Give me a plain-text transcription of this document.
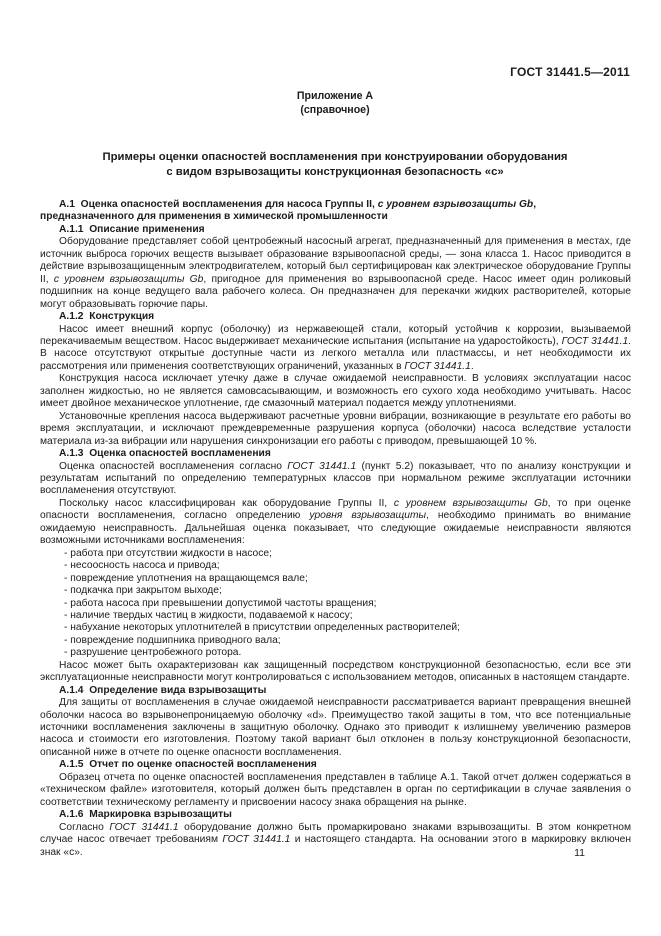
ГОСТ 31441.5—2011
Приложение А
(справочное)
Примеры оценки опасностей воспламенения при конструировании оборудования
с видом взрывозащиты конструкционная безопасность «с»
А.1  Оценка опасностей воспламенения для насоса Группы II, с уровнем взрывозащиты Gb, предназначенного для применения в химической промышленности
А.1.1  Описание применения
Оборудование представляет собой центробежный насосный агрегат, предназначенный для применения в местах, где источник выброса горючих веществ вызывает образование взрывоопасной среды, — зона класса 1. Насос приводится в действие взрывозащищенным электродвигателем, который был сертифицирован как электрическое оборудование Группы II, с уровнем взрывозащиты Gb, пригодное для применения во взрывоопасной среде. Насос имеет один роликовый подшипник на конце ведущего вала рабочего колеса. Он предназначен для перекачки жидких растворителей, которые могут образовывать горючие пары.
А.1.2  Конструкция
Насос имеет внешний корпус (оболочку) из нержавеющей стали, который устойчив к коррозии, вызываемой перекачиваемым веществом. Насос выдерживает механические испытания (испытание на ударостойкость), ГОСТ 31441.1. В насосе отсутствуют открытые доступные части из легкого металла или пластмассы, и нет необходимости их рассмотрения или применения соответствующих ограничений, указанных в ГОСТ 31441.1.
Конструкция насоса исключает утечку даже в случае ожидаемой неисправности. В условиях эксплуатации насос заполнен жидкостью, но не является самовсасывающим, и возможность его сухого хода необходимо учитывать. Насос имеет двойное механическое уплотнение, где смазочный материал подается между уплотнениями.
Установочные крепления насоса выдерживают расчетные уровни вибрации, возникающие в результате его работы во время эксплуатации, и исключают преждевременные разрушения корпуса (оболочки) насоса вследствие усталости материала из-за вибрации или нарушения синхронизации его работы с приводом, превышающей 10 %.
А.1.3  Оценка опасностей воспламенения
Оценка опасностей воспламенения согласно ГОСТ 31441.1 (пункт 5.2) показывает, что по анализу конструкции и результатам испытаний по определению температурных классов при нормальном режиме эксплуатации источники воспламенения отсутствуют.
Поскольку насос классифицирован как оборудование Группы II, с уровнем взрывозащиты Gb, то при оценке опасности воспламенения, согласно определению уровня взрывозащиты, необходимо принимать во внимание ожидаемую неисправность. Дальнейшая оценка показывает, что следующие ожидаемые неисправности являются возможными источниками воспламенения:
- работа при отсутствии жидкости в насосе;
- несоосность насоса и привода;
- повреждение уплотнения на вращающемся вале;
- подкачка при закрытом выходе;
- работа насоса при превышении допустимой частоты вращения;
- наличие твердых частиц в жидкости, подаваемой к насосу;
- набухание некоторых уплотнителей в присутствии определенных растворителей;
- повреждение подшипника приводного вала;
- разрушение центробежного ротора.
Насос может быть охарактеризован как защищенный посредством конструкционной безопасностью, если все эти эксплуатационные неисправности могут контролироваться с использованием методов, описанных в настоящем стандарте.
А.1.4  Определение вида взрывозащиты
Для защиты от воспламенения в случае ожидаемой неисправности рассматривается вариант превращения внешней оболочки насоса во взрывонепроницаемую оболочку «d». Преимущество такой защиты в том, что все потенциальные источники воспламенения заключены в защитную оболочку. Однако это приводит к излишнему увеличению размеров насоса и стоимости его изготовления. Поэтому такой вариант был отклонен в пользу конструкционной безопасности, описанной ниже в отчете по оценке опасности воспламенения.
А.1.5  Отчет по оценке опасностей воспламенения
Образец отчета по оценке опасностей воспламенения представлен в таблице А.1. Такой отчет должен содержаться в «техническом файле» изготовителя, который должен быть представлен в орган по сертификации в случае заявления о соответствии техническому регламенту и присвоении насосу знака обращения на рынке.
А.1.6  Маркировка взрывозащиты
Согласно ГОСТ 31441.1 оборудование должно быть промаркировано знаками взрывозащиты. В этом конкретном случае насос отвечает требованиям ГОСТ 31441.1 и настоящего стандарта. На основании этого в маркировку включен знак «с».	11
